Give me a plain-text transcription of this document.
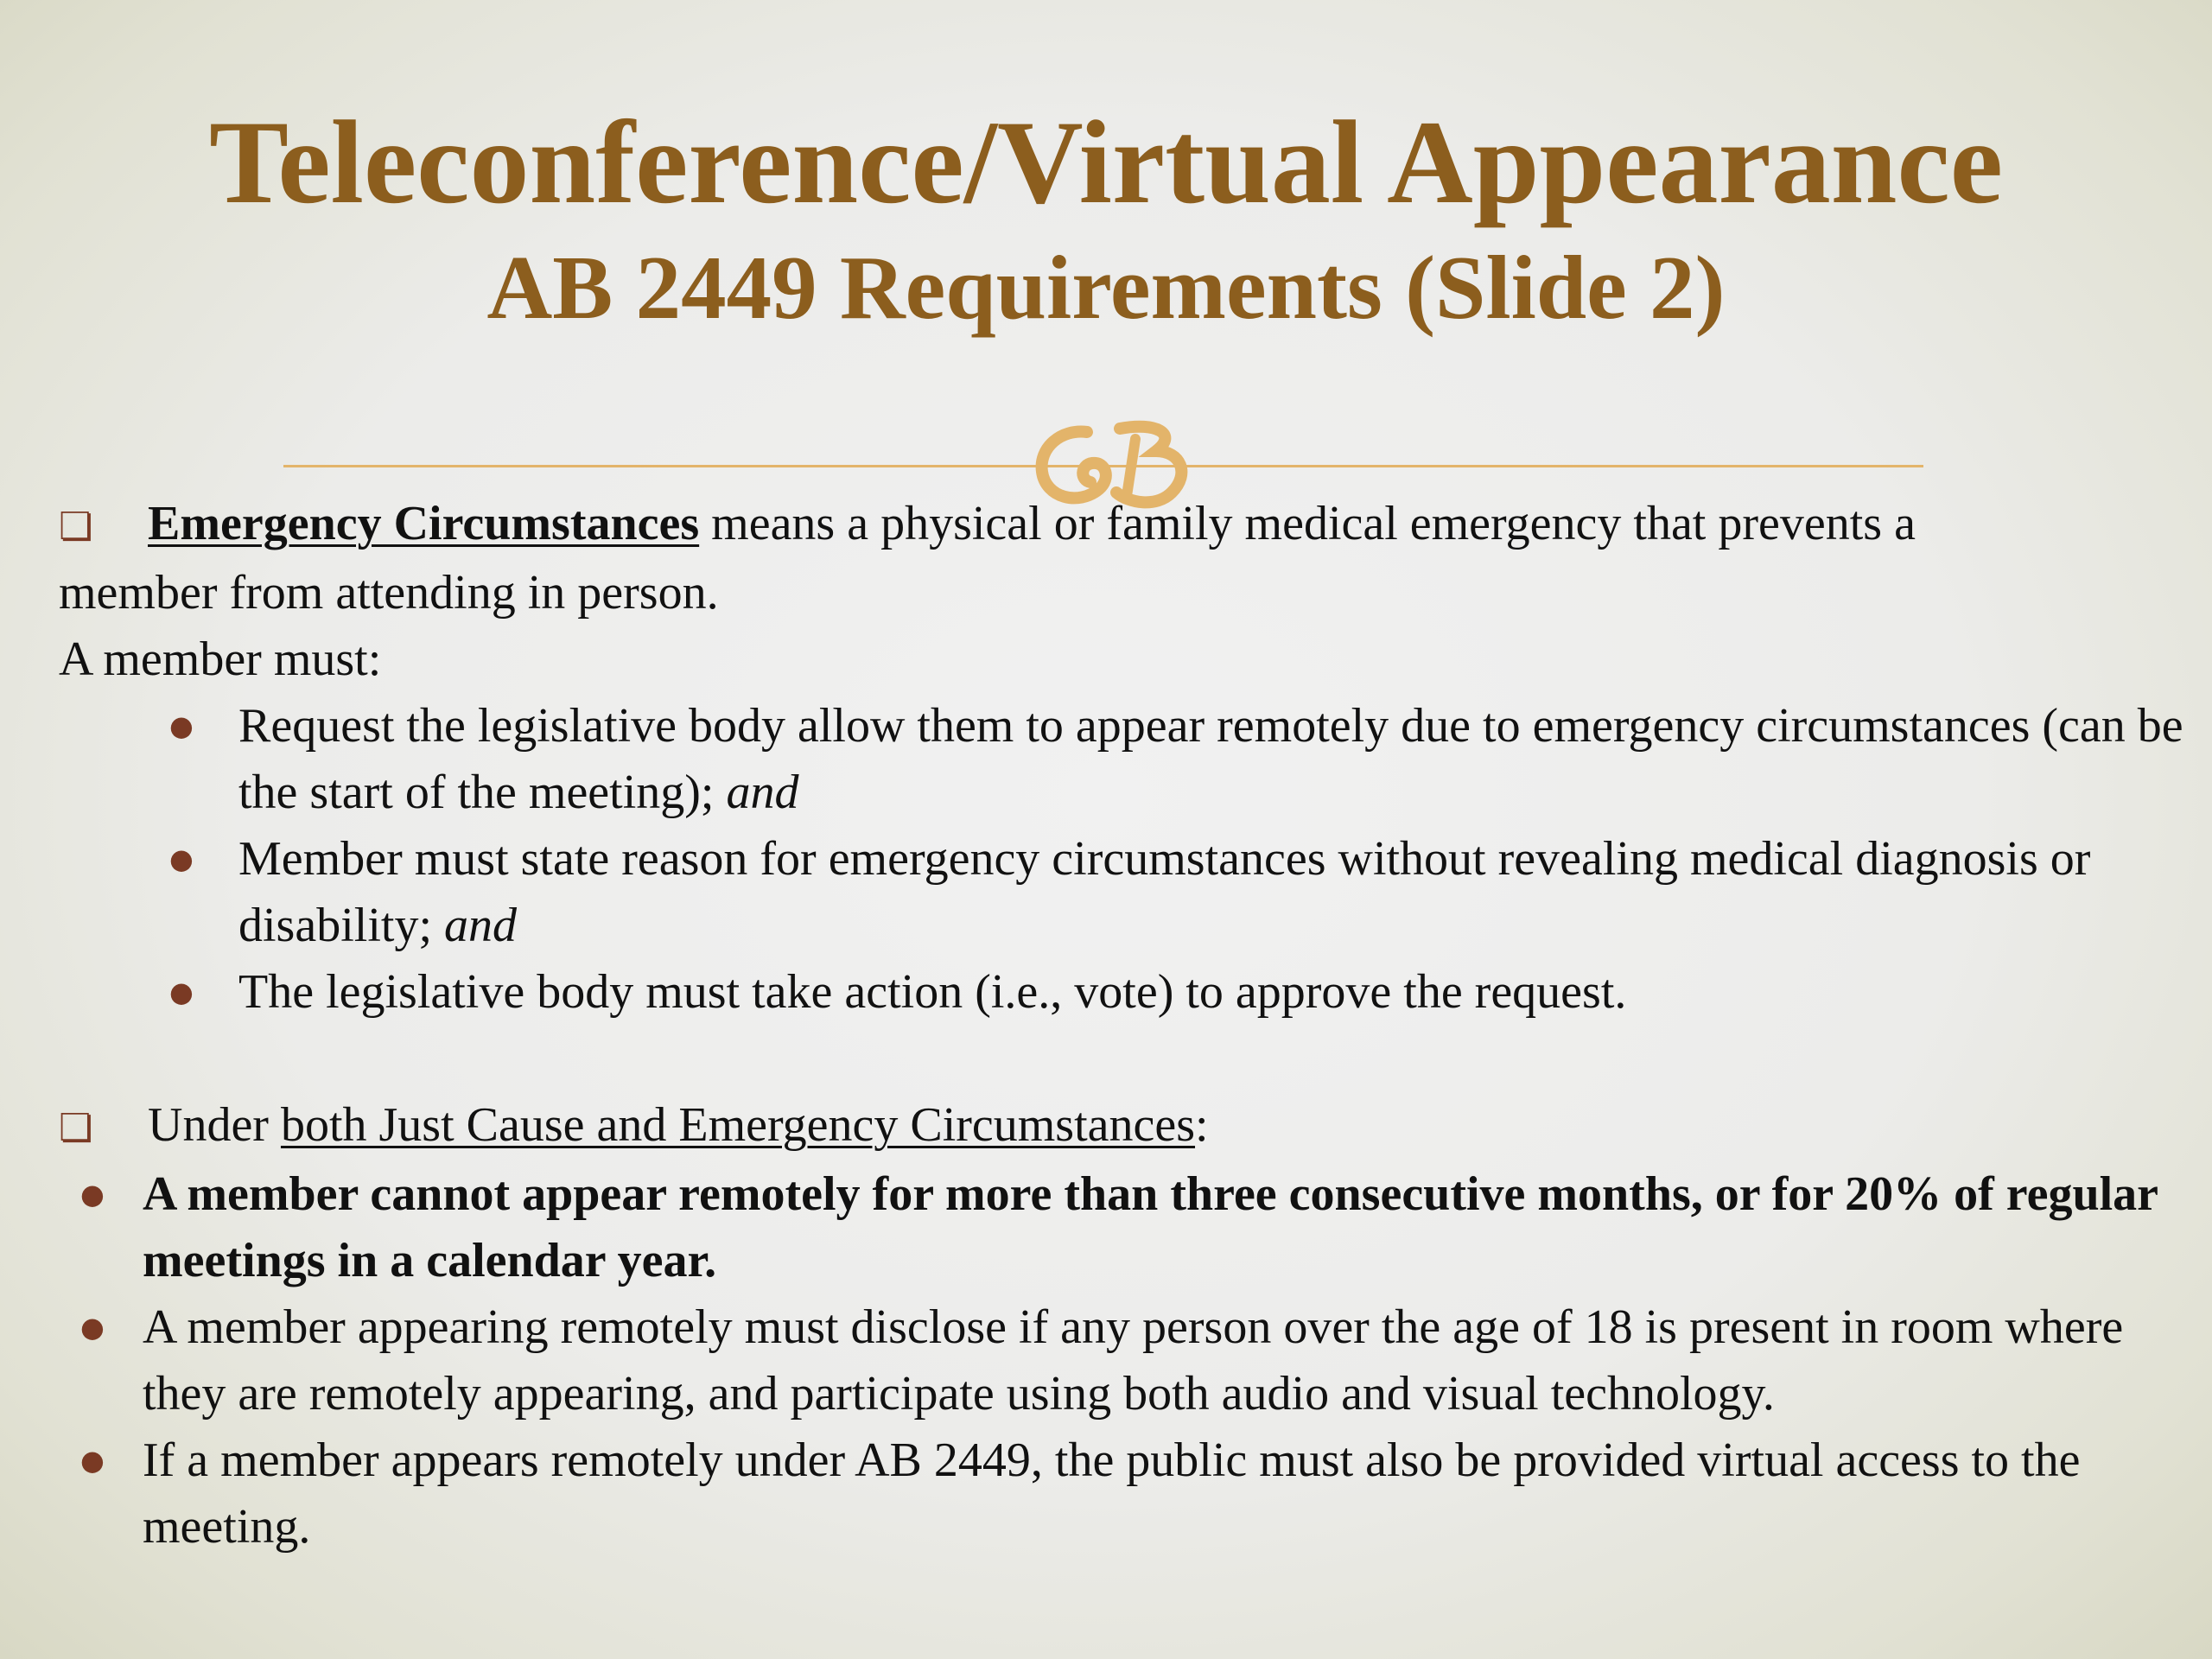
Teleconference/Virtual Appearance
AB 2449 Requirements (Slide 2)

❏ Emergency Circumstances means a physical or family medical emergency that prevents a
member from attending in person.

A member must:

● Request the legislative body allow them to appear remotely due to emergency circumstances (can be the start of the meeting); and
● Member must state reason for emergency circumstances without revealing medical diagnosis or disability; and
● The legislative body must take action (i.e., vote) to approve the request.

❏ Under both Just Cause and Emergency Circumstances:

● A member cannot appear remotely for more than three consecutive months, or for 20% of regular meetings in a calendar year.
● A member appearing remotely must disclose if any person over the age of 18 is present in room where they are remotely appearing, and participate using both audio and visual technology.
● If a member appears remotely under AB 2449, the public must also be provided virtual access to the meeting.
